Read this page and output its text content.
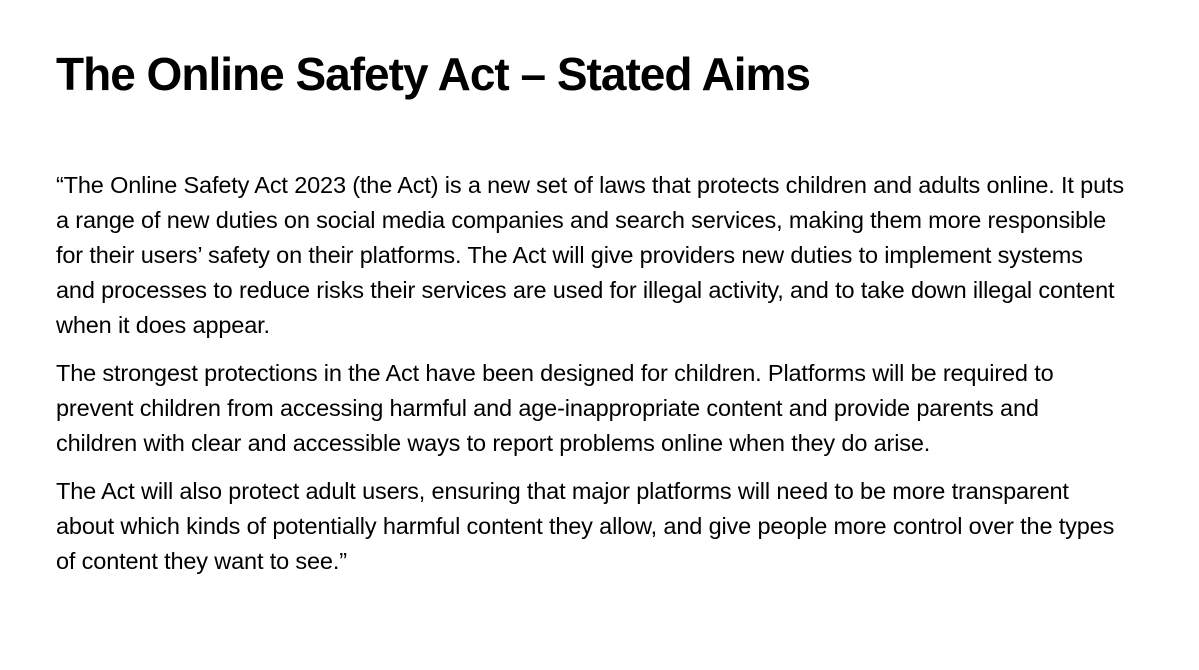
The Online Safety Act – Stated Aims

“The Online Safety Act 2023 (the Act) is a new set of laws that protects children and adults online. It puts a range of new duties on social media companies and search services, making them more responsible for their users’ safety on their platforms. The Act will give providers new duties to implement systems and processes to reduce risks their services are used for illegal activity, and to take down illegal content when it does appear.

The strongest protections in the Act have been designed for children. Platforms will be required to prevent children from accessing harmful and age-inappropriate content and provide parents and children with clear and accessible ways to report problems online when they do arise.

The Act will also protect adult users, ensuring that major platforms will need to be more transparent about which kinds of potentially harmful content they allow, and give people more control over the types of content they want to see.”
